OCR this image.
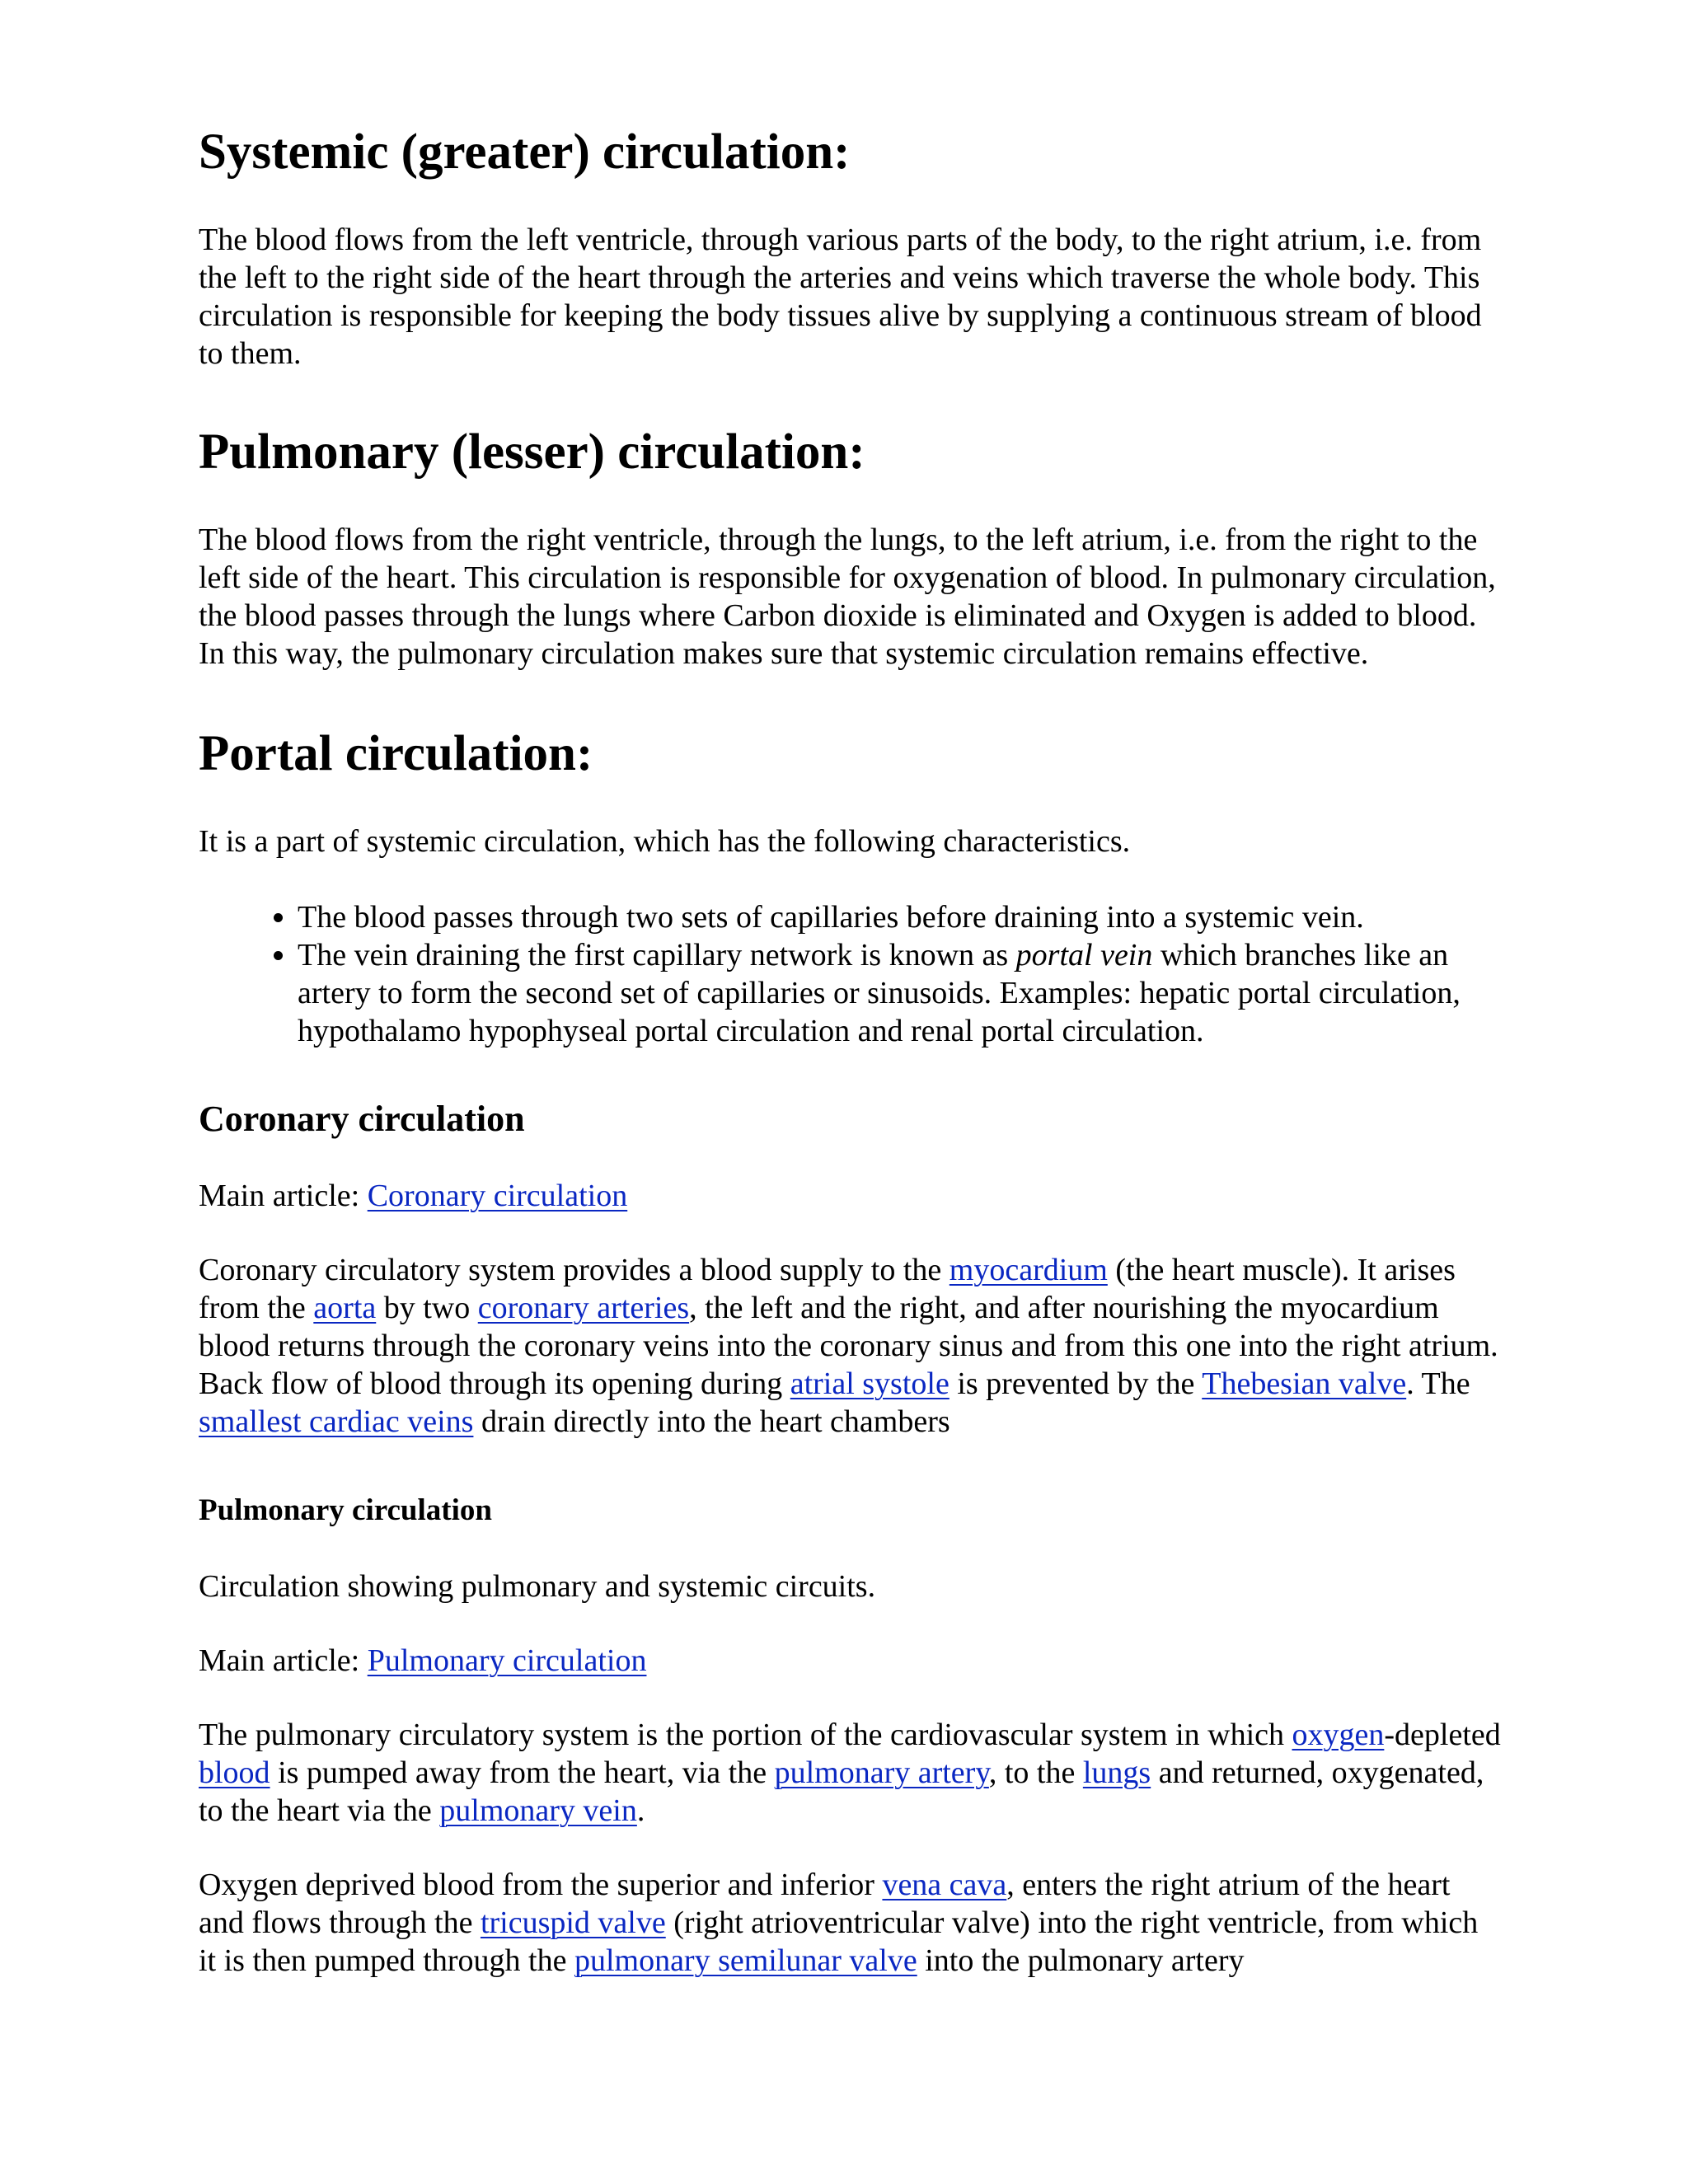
Systemic (greater) circulation:

The blood flows from the left ventricle, through various parts of the body, to the right atrium, i.e. from the left to the right side of the heart through the arteries and veins which traverse the whole body. This circulation is responsible for keeping the body tissues alive by supplying a continuous stream of blood to them.

Pulmonary (lesser) circulation:

The blood flows from the right ventricle, through the lungs, to the left atrium, i.e. from the right to the left side of the heart. This circulation is responsible for oxygenation of blood. In pulmonary circulation, the blood passes through the lungs where Carbon dioxide is eliminated and Oxygen is added to blood. In this way, the pulmonary circulation makes sure that systemic circulation remains effective.

Portal circulation:

It is a part of systemic circulation, which has the following characteristics.

• The blood passes through two sets of capillaries before draining into a systemic vein.
• The vein draining the first capillary network is known as portal vein which branches like an artery to form the second set of capillaries or sinusoids. Examples: hepatic portal circulation, hypothalamo hypophyseal portal circulation and renal portal circulation.
Coronary circulation

Main article: Coronary circulation

Coronary circulatory system provides a blood supply to the myocardium (the heart muscle). It arises from the aorta by two coronary arteries, the left and the right, and after nourishing the myocardium blood returns through the coronary veins into the coronary sinus and from this one into the right atrium. Back flow of blood through its opening during atrial systole is prevented by the Thebesian valve. The smallest cardiac veins drain directly into the heart chambers

Pulmonary circulation

Circulation showing pulmonary and systemic circuits.

Main article: Pulmonary circulation

The pulmonary circulatory system is the portion of the cardiovascular system in which oxygen-depleted blood is pumped away from the heart, via the pulmonary artery, to the lungs and returned, oxygenated, to the heart via the pulmonary vein.

Oxygen deprived blood from the superior and inferior vena cava, enters the right atrium of the heart and flows through the tricuspid valve (right atrioventricular valve) into the right ventricle, from which it is then pumped through the pulmonary semilunar valve into the pulmonary artery
